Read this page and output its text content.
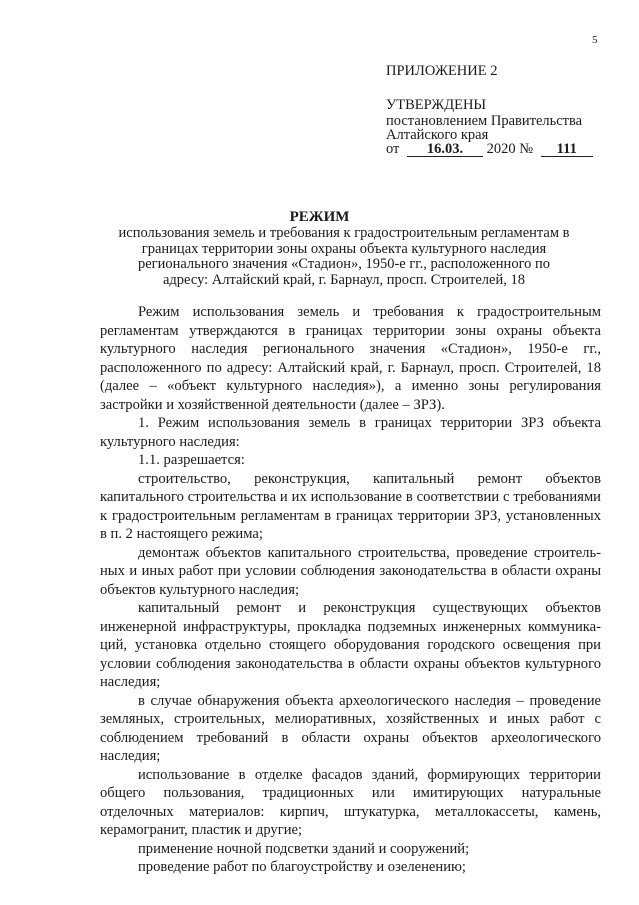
5
ПРИЛОЖЕНИЕ 2
УТВЕРЖДЕНЫ
постановлением Правительства
Алтайского края
от 16.03. 2020 № 111
РЕЖИМ
использования земель и требования к градостроительным регламентам в границах территории зоны охраны объекта культурного наследия регионального значения «Стадион», 1950-е гг., расположенного по адресу: Алтайский край, г. Барнаул, просп. Строителей, 18

Режим использования земель и требования к градостроительным регламентам утверждаются в границах территории зоны охраны объекта культурного наследия регионального значения «Стадион», 1950-е гг., расположенного по адресу: Алтайский край, г. Барнаул, просп. Строителей, 18 (далее – «объект культурного наследия»), а именно зоны регулирования застройки и хозяйственной деятельности (далее – ЗРЗ).

1. Режим использования земель в границах территории ЗРЗ объекта культурного наследия:

1.1. разрешается:

строительство, реконструкция, капитальный ремонт объектов капитального строительства и их использование в соответствии с требованиями к градостроительным регламентам в границах территории ЗРЗ, установленных в п. 2 настоящего режима;

демонтаж объектов капитального строительства, проведение строительных и иных работ при условии соблюдения законодательства в области охраны объектов культурного наследия;

капитальный ремонт и реконструкция существующих объектов инженерной инфраструктуры, прокладка подземных инженерных коммуникаций, установка отдельно стоящего оборудования городского освещения при условии соблюдения законодательства в области охраны объектов культурного наследия;

в случае обнаружения объекта археологического наследия – проведение земляных, строительных, мелиоративных, хозяйственных и иных работ с соблюдением требований в области охраны объектов археологического наследия;

использование в отделке фасадов зданий, формирующих территории общего пользования, традиционных или имитирующих натуральные отделочных материалов: кирпич, штукатурка, металлокассеты, камень, керамогранит, пластик и другие;

применение ночной подсветки зданий и сооружений;

проведение работ по благоустройству и озеленению;
